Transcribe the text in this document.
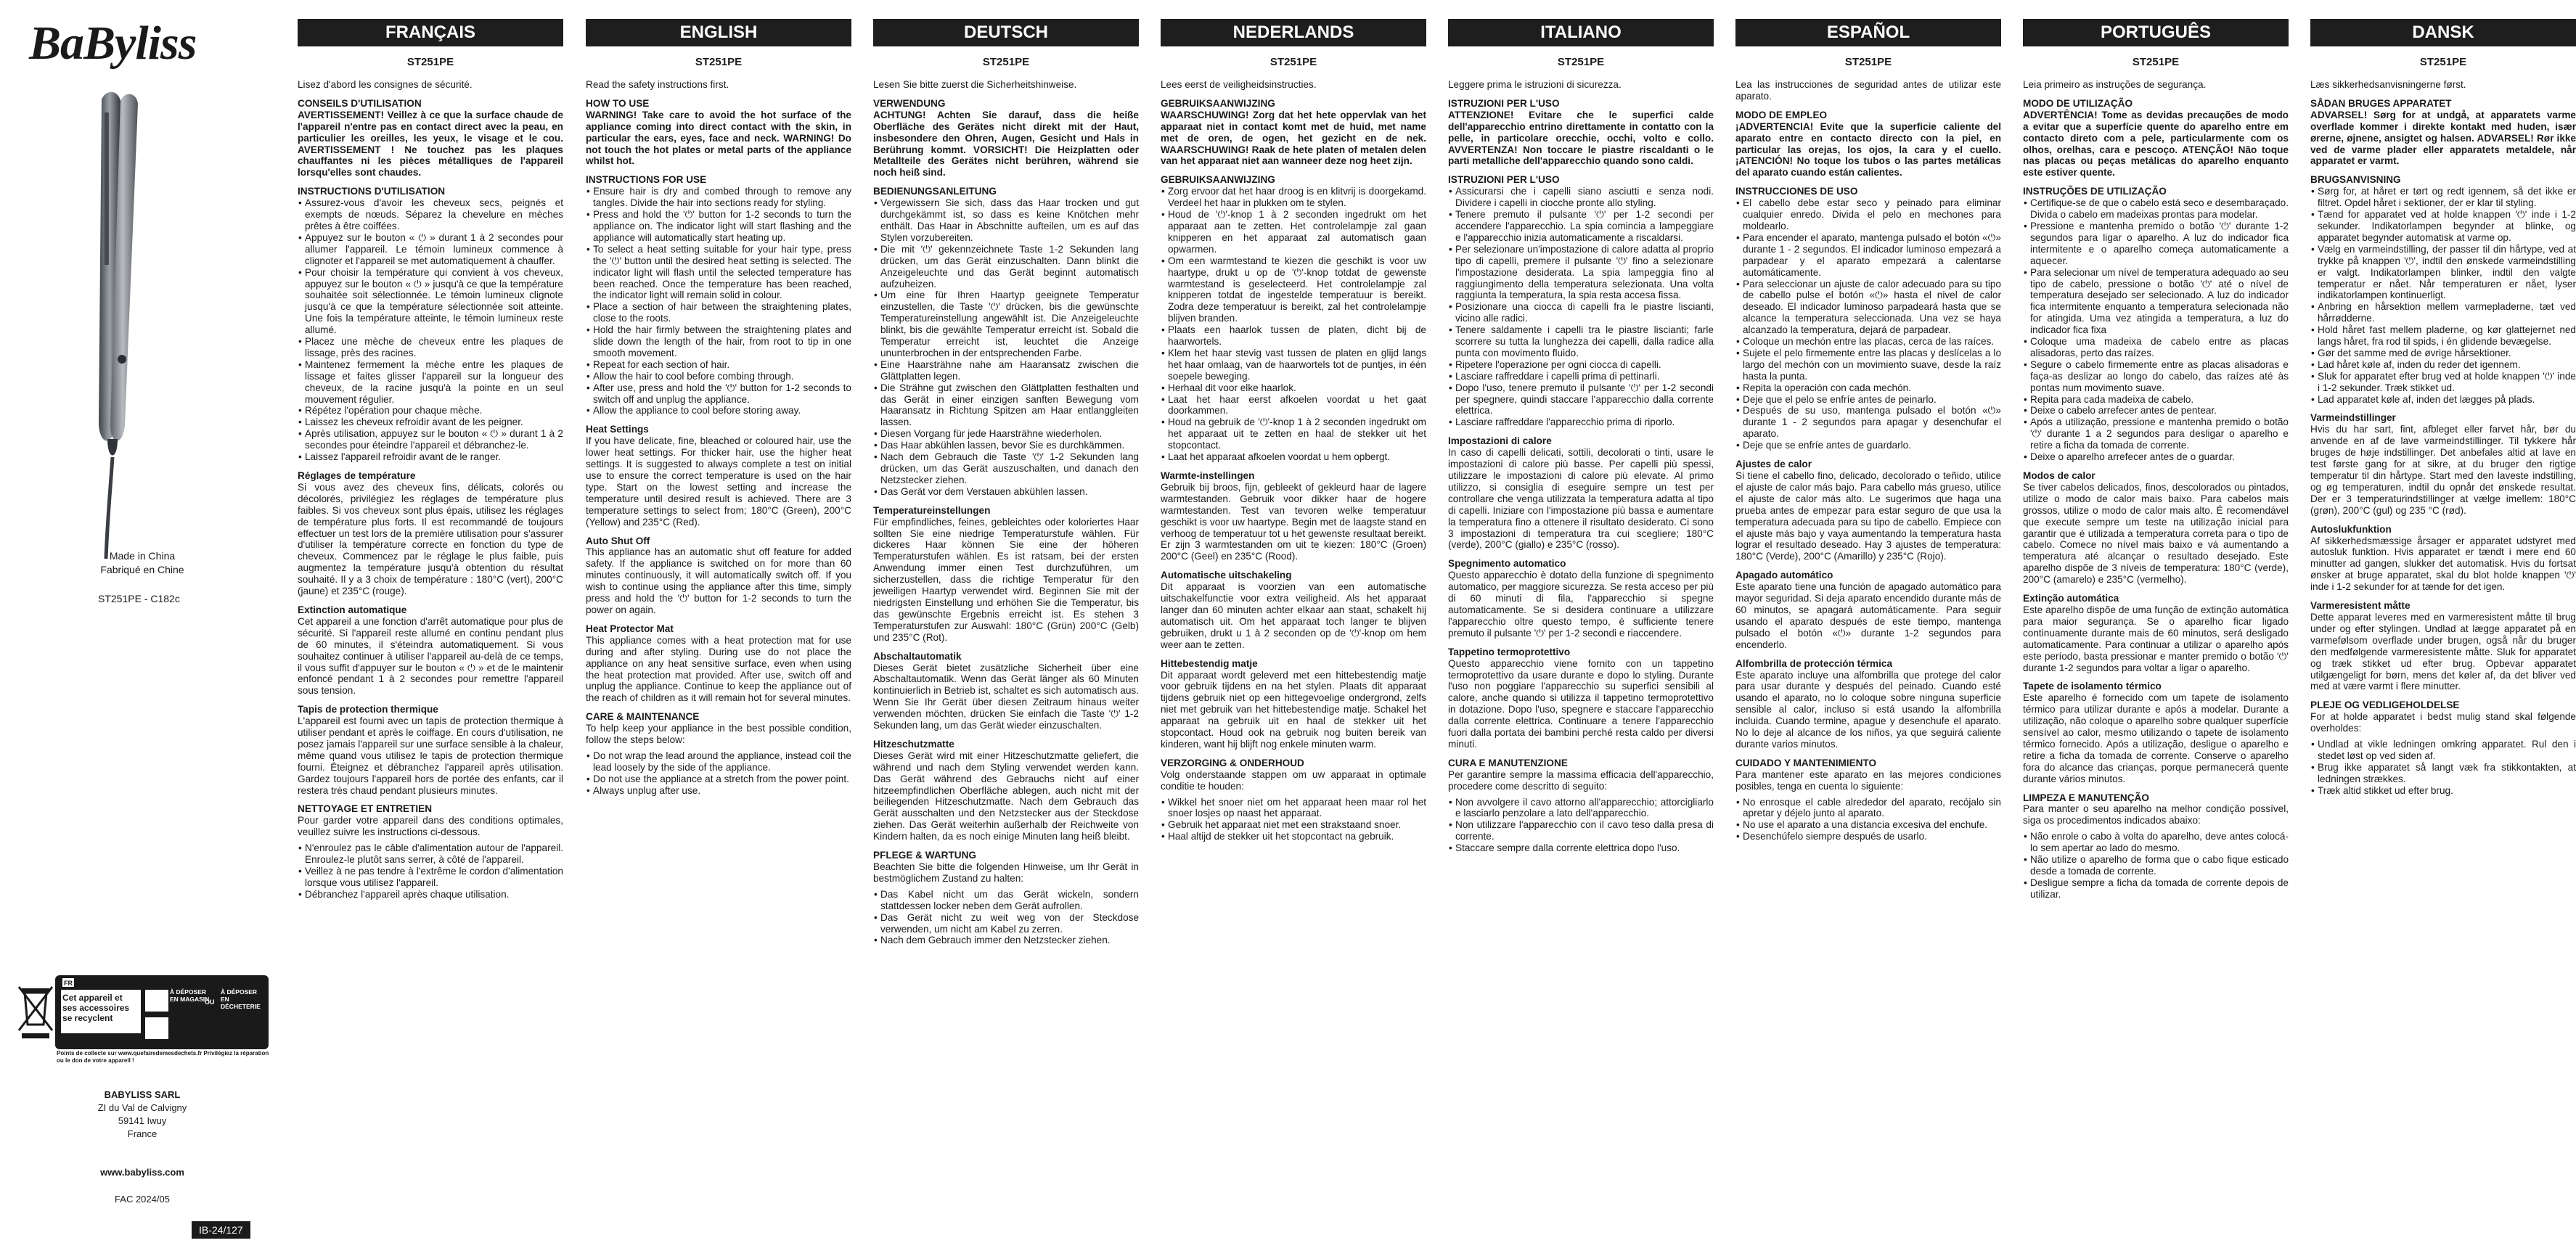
BaByliss
Made in China
Fabriqué en Chine
ST251PE - C182c
FR
Cet appareil et ses accessoires se recyclent
À DÉPOSER EN MAGASIN
OU
À DÉPOSER EN DÉCHETERIE
Points de collecte sur www.quefairedemesdechets.fr Privilégiez la réparation ou le don de votre appareil !
BABYLISS SARL
ZI du Val de Calvigny
59141 Iwuy
France
www.babyliss.com
FAC 2024/05
IB-24/127
FRANÇAIS
ST251PE

Lisez d'abord les consignes de sécurité.

CONSEILS D'UTILISATION

AVERTISSEMENT! Veillez à ce que la surface chaude de l'appareil n'entre pas en contact direct avec la peau, en particulier les oreilles, les yeux, le visage et le cou. AVERTISSEMENT ! Ne touchez pas les plaques chauffantes ni les pièces métalliques de l'appareil lorsqu'elles sont chaudes.

INSTRUCTIONS D'UTILISATION
• Assurez-vous d'avoir les cheveux secs, peignés et exempts de nœuds. Séparez la chevelure en mèches prêtes à être coiffées.
• Appuyez sur le bouton « ⏻ » durant 1 à 2 secondes pour allumer l'appareil. Le témoin lumineux commence à clignoter et l'appareil se met automatiquement à chauffer.
• Pour choisir la température qui convient à vos cheveux, appuyez sur le bouton « ⏻ » jusqu'à ce que la température souhaitée soit sélectionnée. Le témoin lumineux clignote jusqu'à ce que la température sélectionnée soit atteinte. Une fois la température atteinte, le témoin lumineux reste allumé.
• Placez une mèche de cheveux entre les plaques de lissage, près des racines.
• Maintenez fermement la mèche entre les plaques de lissage et faites glisser l'appareil sur la longueur des cheveux, de la racine jusqu'à la pointe en un seul mouvement régulier.
• Répétez l'opération pour chaque mèche.
• Laissez les cheveux refroidir avant de les peigner.
• Après utilisation, appuyez sur le bouton « ⏻ » durant 1 à 2 secondes pour éteindre l'appareil et débranchez-le.
• Laissez l'appareil refroidir avant de le ranger.
Réglages de température

Si vous avez des cheveux fins, délicats, colorés ou décolorés, privilégiez les réglages de température plus faibles. Si vos cheveux sont plus épais, utilisez les réglages de température plus forts. Il est recommandé de toujours effectuer un test lors de la première utilisation pour s'assurer d'utiliser la température correcte en fonction du type de cheveux. Commencez par le réglage le plus faible, puis augmentez la température jusqu'à obtention du résultat souhaité. Il y a 3 choix de température : 180°C (vert), 200°C (jaune) et 235°C (rouge).

Extinction automatique

Cet appareil a une fonction d'arrêt automatique pour plus de sécurité. Si l'appareil reste allumé en continu pendant plus de 60 minutes, il s'éteindra automatiquement. Si vous souhaitez continuer à utiliser l'appareil au-delà de ce temps, il vous suffit d'appuyer sur le bouton « ⏻ » et de le maintenir enfoncé pendant 1 à 2 secondes pour remettre l'appareil sous tension.

Tapis de protection thermique

L'appareil est fourni avec un tapis de protection thermique à utiliser pendant et après le coiffage. En cours d'utilisation, ne posez jamais l'appareil sur une surface sensible à la chaleur, même quand vous utilisez le tapis de protection thermique fourni. Éteignez et débranchez l'appareil après utilisation. Gardez toujours l'appareil hors de portée des enfants, car il restera très chaud pendant plusieurs minutes.

NETTOYAGE ET ENTRETIEN

Pour garder votre appareil dans des conditions optimales, veuillez suivre les instructions ci-dessous.

• N'enroulez pas le câble d'alimentation autour de l'appareil. Enroulez-le plutôt sans serrer, à côté de l'appareil.
• Veillez à ne pas tendre à l'extrême le cordon d'alimentation lorsque vous utilisez l'appareil.
• Débranchez l'appareil après chaque utilisation.
ENGLISH
ST251PE

Read the safety instructions first.

HOW TO USE

WARNING! Take care to avoid the hot surface of the appliance coming into direct contact with the skin, in particular the ears, eyes, face and neck. WARNING! Do not touch the hot plates or metal parts of the appliance whilst hot.

INSTRUCTIONS FOR USE
• Ensure hair is dry and combed through to remove any tangles. Divide the hair into sections ready for styling.
• Press and hold the '⏻' button for 1-2 seconds to turn the appliance on. The indicator light will start flashing and the appliance will automatically start heating up.
• To select a heat setting suitable for your hair type, press the '⏻' button until the desired heat setting is selected. The indicator light will flash until the selected temperature has been reached. Once the temperature has been reached, the indicator light will remain solid in colour.
• Place a section of hair between the straightening plates, close to the roots.
• Hold the hair firmly between the straightening plates and slide down the length of the hair, from root to tip in one smooth movement.
• Repeat for each section of hair.
• Allow the hair to cool before combing through.
• After use, press and hold the '⏻' button for 1-2 seconds to switch off and unplug the appliance.
• Allow the appliance to cool before storing away.
Heat Settings

If you have delicate, fine, bleached or coloured hair, use the lower heat settings. For thicker hair, use the higher heat settings. It is suggested to always complete a test on initial use to ensure the correct temperature is used on the hair type. Start on the lowest setting and increase the temperature until desired result is achieved. There are 3 temperature settings to select from; 180°C (Green), 200°C (Yellow) and 235°C (Red).

Auto Shut Off

This appliance has an automatic shut off feature for added safety. If the appliance is switched on for more than 60 minutes continuously, it will automatically switch off. If you wish to continue using the appliance after this time, simply press and hold the '⏻' button for 1-2 seconds to turn the power on again.

Heat Protector Mat

This appliance comes with a heat protection mat for use during and after styling. During use do not place the appliance on any heat sensitive surface, even when using the heat protection mat provided. After use, switch off and unplug the appliance. Continue to keep the appliance out of the reach of children as it will remain hot for several minutes.

CARE & MAINTENANCE

To help keep your appliance in the best possible condition, follow the steps below:

• Do not wrap the lead around the appliance, instead coil the lead loosely by the side of the appliance.
• Do not use the appliance at a stretch from the power point.
• Always unplug after use.
DEUTSCH
ST251PE

Lesen Sie bitte zuerst die Sicherheitshinweise.

VERWENDUNG

ACHTUNG! Achten Sie darauf, dass die heiße Oberfläche des Gerätes nicht direkt mit der Haut, insbesondere den Ohren, Augen, Gesicht und Hals in Berührung kommt. VORSICHT! Die Heizplatten oder Metallteile des Gerätes nicht berühren, während sie noch heiß sind.

BEDIENUNGSANLEITUNG
• Vergewissern Sie sich, dass das Haar trocken und gut durchgekämmt ist, so dass es keine Knötchen mehr enthält. Das Haar in Abschnitte aufteilen, um es auf das Stylen vorzubereiten.
• Die mit '⏻' gekennzeichnete Taste 1-2 Sekunden lang drücken, um das Gerät einzuschalten. Dann blinkt die Anzeigeleuchte und das Gerät beginnt automatisch aufzuheizen.
• Um eine für Ihren Haartyp geeignete Temperatur einzustellen, die Taste '⏻' drücken, bis die gewünschte Temperatureinstellung angewählt ist. Die Anzeigeleuchte blinkt, bis die gewählte Temperatur erreicht ist. Sobald die Temperatur erreicht ist, leuchtet die Anzeige ununterbrochen in der entsprechenden Farbe.
• Eine Haarsträhne nahe am Haaransatz zwischen die Glättplatten legen.
• Die Strähne gut zwischen den Glättplatten festhalten und das Gerät in einer einzigen sanften Bewegung vom Haaransatz in Richtung Spitzen am Haar entlanggleiten lassen.
• Diesen Vorgang für jede Haarsträhne wiederholen.
• Das Haar abkühlen lassen, bevor Sie es durchkämmen.
• Nach dem Gebrauch die Taste '⏻' 1-2 Sekunden lang drücken, um das Gerät auszuschalten, und danach den Netzstecker ziehen.
• Das Gerät vor dem Verstauen abkühlen lassen.
Temperatureinstellungen

Für empfindliches, feines, gebleichtes oder koloriertes Haar sollten Sie eine niedrige Temperaturstufe wählen. Für dickeres Haar können Sie eine der höheren Temperaturstufen wählen. Es ist ratsam, bei der ersten Anwendung immer einen Test durchzuführen, um sicherzustellen, dass die richtige Temperatur für den jeweiligen Haartyp verwendet wird. Beginnen Sie mit der niedrigsten Einstellung und erhöhen Sie die Temperatur, bis das gewünschte Ergebnis erreicht ist. Es stehen 3 Temperaturstufen zur Auswahl: 180°C (Grün) 200°C (Gelb) und 235°C (Rot).

Abschaltautomatik

Dieses Gerät bietet zusätzliche Sicherheit über eine Abschaltautomatik. Wenn das Gerät länger als 60 Minuten kontinuierlich in Betrieb ist, schaltet es sich automatisch aus. Wenn Sie Ihr Gerät über diesen Zeitraum hinaus weiter verwenden möchten, drücken Sie einfach die Taste '⏻' 1-2 Sekunden lang, um das Gerät wieder einzuschalten.

Hitzeschutzmatte

Dieses Gerät wird mit einer Hitzeschutzmatte geliefert, die während und nach dem Styling verwendet werden kann. Das Gerät während des Gebrauchs nicht auf einer hitzeempfindlichen Oberfläche ablegen, auch nicht mit der beiliegenden Hitzeschutzmatte. Nach dem Gebrauch das Gerät ausschalten und den Netzstecker aus der Steckdose ziehen. Das Gerät weiterhin außerhalb der Reichweite von Kindern halten, da es noch einige Minuten lang heiß bleibt.

PFLEGE & WARTUNG

Beachten Sie bitte die folgenden Hinweise, um Ihr Gerät in bestmöglichem Zustand zu halten:

• Das Kabel nicht um das Gerät wickeln, sondern stattdessen locker neben dem Gerät aufrollen.
• Das Gerät nicht zu weit weg von der Steckdose verwenden, um nicht am Kabel zu zerren.
• Nach dem Gebrauch immer den Netzstecker ziehen.
NEDERLANDS
ST251PE

Lees eerst de veiligheidsinstructies.

GEBRUIKSAANWIJZING

WAARSCHUWING! Zorg dat het hete oppervlak van het apparaat niet in contact komt met de huid, met name met de oren, de ogen, het gezicht en de nek. WAARSCHUWING! Raak de hete platen of metalen delen van het apparaat niet aan wanneer deze nog heet zijn.

GEBRUIKSAANWIJZING
• Zorg ervoor dat het haar droog is en klitvrij is doorgekamd. Verdeel het haar in plukken om te stylen.
• Houd de '⏻'-knop 1 à 2 seconden ingedrukt om het apparaat aan te zetten. Het controlelampje zal gaan knipperen en het apparaat zal automatisch gaan opwarmen.
• Om een warmtestand te kiezen die geschikt is voor uw haartype, drukt u op de '⏻'-knop totdat de gewenste warmtestand is geselecteerd. Het controlelampje zal knipperen totdat de ingestelde temperatuur is bereikt. Zodra deze temperatuur is bereikt, zal het controlelampje blijven branden.
• Plaats een haarlok tussen de platen, dicht bij de haarwortels.
• Klem het haar stevig vast tussen de platen en glijd langs het haar omlaag, van de haarwortels tot de puntjes, in één soepele beweging.
• Herhaal dit voor elke haarlok.
• Laat het haar eerst afkoelen voordat u het gaat doorkammen.
• Houd na gebruik de '⏻'-knop 1 à 2 seconden ingedrukt om het apparaat uit te zetten en haal de stekker uit het stopcontact.
• Laat het apparaat afkoelen voordat u hem opbergt.
Warmte-instellingen

Gebruik bij broos, fijn, gebleekt of gekleurd haar de lagere warmtestanden. Gebruik voor dikker haar de hogere warmtestanden. Test van tevoren welke temperatuur geschikt is voor uw haartype. Begin met de laagste stand en verhoog de temperatuur tot u het gewenste resultaat bereikt. Er zijn 3 warmtestanden om uit te kiezen: 180°C (Groen) 200°C (Geel) en 235°C (Rood).

Automatische uitschakeling

Dit apparaat is voorzien van een automatische uitschakelfunctie voor extra veiligheid. Als het apparaat langer dan 60 minuten achter elkaar aan staat, schakelt hij automatisch uit. Om het apparaat toch langer te blijven gebruiken, drukt u 1 à 2 seconden op de '⏻'-knop om hem weer aan te zetten.

Hittebestendig matje

Dit apparaat wordt geleverd met een hittebestendig matje voor gebruik tijdens en na het stylen. Plaats dit apparaat tijdens gebruik niet op een hittegevoelige ondergrond, zelfs niet met gebruik van het hittebestendige matje. Schakel het apparaat na gebruik uit en haal de stekker uit het stopcontact. Houd ook na gebruik nog buiten bereik van kinderen, want hij blijft nog enkele minuten warm.

VERZORGING & ONDERHOUD

Volg onderstaande stappen om uw apparaat in optimale conditie te houden:

• Wikkel het snoer niet om het apparaat heen maar rol het snoer losjes op naast het apparaat.
• Gebruik het apparaat niet met een strakstaand snoer.
• Haal altijd de stekker uit het stopcontact na gebruik.
ITALIANO
ST251PE

Leggere prima le istruzioni di sicurezza.

ISTRUZIONI PER L'USO

ATTENZIONE! Evitare che le superfici calde dell'apparecchio entrino direttamente in contatto con la pelle, in particolare orecchie, occhi, volto e collo. AVVERTENZA! Non toccare le piastre riscaldanti o le parti metalliche dell'apparecchio quando sono caldi.

ISTRUZIONI PER L'USO
• Assicurarsi che i capelli siano asciutti e senza nodi. Dividere i capelli in ciocche pronte allo styling.
• Tenere premuto il pulsante '⏻' per 1-2 secondi per accendere l'apparecchio. La spia comincia a lampeggiare e l'apparecchio inizia automaticamente a riscaldarsi.
• Per selezionare un'impostazione di calore adatta al proprio tipo di capelli, premere il pulsante '⏻' fino a selezionare l'impostazione desiderata. La spia lampeggia fino al raggiungimento della temperatura selezionata. Una volta raggiunta la temperatura, la spia resta accesa fissa.
• Posizionare una ciocca di capelli fra le piastre liscianti, vicino alle radici.
• Tenere saldamente i capelli tra le piastre liscianti; farle scorrere su tutta la lunghezza dei capelli, dalla radice alla punta con movimento fluido.
• Ripetere l'operazione per ogni ciocca di capelli.
• Lasciare raffreddare i capelli prima di pettinarli.
• Dopo l'uso, tenere premuto il pulsante '⏻' per 1-2 secondi per spegnere, quindi staccare l'apparecchio dalla corrente elettrica.
• Lasciare raffreddare l'apparecchio prima di riporlo.
Impostazioni di calore

In caso di capelli delicati, sottili, decolorati o tinti, usare le impostazioni di calore più basse. Per capelli più spessi, utilizzare le impostazioni di calore più elevate. Al primo utilizzo, si consiglia di eseguire sempre un test per controllare che venga utilizzata la temperatura adatta al tipo di capelli. Iniziare con l'impostazione più bassa e aumentare la temperatura fino a ottenere il risultato desiderato. Ci sono 3 impostazioni di temperatura tra cui scegliere; 180°C (verde), 200°C (giallo) e 235°C (rosso).

Spegnimento automatico

Questo apparecchio è dotato della funzione di spegnimento automatico, per maggiore sicurezza. Se resta acceso per più di 60 minuti di fila, l'apparecchio si spegne automaticamente. Se si desidera continuare a utilizzare l'apparecchio oltre questo tempo, è sufficiente tenere premuto il pulsante '⏻' per 1-2 secondi e riaccendere.

Tappetino termoprotettivo

Questo apparecchio viene fornito con un tappetino termoprotettivo da usare durante e dopo lo styling. Durante l'uso non poggiare l'apparecchio su superfici sensibili al calore, anche quando si utilizza il tappetino termoprotettivo in dotazione. Dopo l'uso, spegnere e staccare l'apparecchio dalla corrente elettrica. Continuare a tenere l'apparecchio fuori dalla portata dei bambini perché resta caldo per diversi minuti.

CURA E MANUTENZIONE

Per garantire sempre la massima efficacia dell'apparecchio, procedere come descritto di seguito:

• Non avvolgere il cavo attorno all'apparecchio; attorcigliarlo e lasciarlo penzolare a lato dell'apparecchio.
• Non utilizzare l'apparecchio con il cavo teso dalla presa di corrente.
• Staccare sempre dalla corrente elettrica dopo l'uso.
ESPAÑOL
ST251PE

Lea las instrucciones de seguridad antes de utilizar este aparato.

MODO DE EMPLEO

¡ADVERTENCIA! Evite que la superficie caliente del aparato entre en contacto directo con la piel, en particular las orejas, los ojos, la cara y el cuello. ¡ATENCIÓN! No toque los tubos o las partes metálicas del aparato cuando están calientes.

INSTRUCCIONES DE USO
• El cabello debe estar seco y peinado para eliminar cualquier enredo. Divida el pelo en mechones para moldearlo.
• Para encender el aparato, mantenga pulsado el botón «⏻» durante 1 - 2 segundos. El indicador luminoso empezará a parpadear y el aparato empezará a calentarse automáticamente.
• Para seleccionar un ajuste de calor adecuado para su tipo de cabello pulse el botón «⏻» hasta el nivel de calor deseado. El indicador luminoso parpadeará hasta que se alcance la temperatura seleccionada. Una vez se haya alcanzado la temperatura, dejará de parpadear.
• Coloque un mechón entre las placas, cerca de las raíces.
• Sujete el pelo firmemente entre las placas y deslícelas a lo largo del mechón con un movimiento suave, desde la raíz hasta la punta.
• Repita la operación con cada mechón.
• Deje que el pelo se enfríe antes de peinarlo.
• Después de su uso, mantenga pulsado el botón «⏻» durante 1 - 2 segundos para apagar y desenchufar el aparato.
• Deje que se enfríe antes de guardarlo.
Ajustes de calor

Si tiene el cabello fino, delicado, decolorado o teñido, utilice el ajuste de calor más bajo. Para cabello más grueso, utilice el ajuste de calor más alto. Le sugerimos que haga una prueba antes de empezar para estar seguro de que usa la temperatura adecuada para su tipo de cabello. Empiece con el ajuste más bajo y vaya aumentando la temperatura hasta lograr el resultado deseado. Hay 3 ajustes de temperatura: 180°C (Verde), 200°C (Amarillo) y 235°C (Rojo).

Apagado automático

Este aparato tiene una función de apagado automático para mayor seguridad. Si deja aparato encendido durante más de 60 minutos, se apagará automáticamente. Para seguir usando el aparato después de este tiempo, mantenga pulsado el botón «⏻» durante 1-2 segundos para encenderlo.

Alfombrilla de protección térmica

Este aparato incluye una alfombrilla que protege del calor para usar durante y después del peinado. Cuando esté usando el aparato, no lo coloque sobre ninguna superficie sensible al calor, incluso si está usando la alfombrilla incluida. Cuando termine, apague y desenchufe el aparato. No lo deje al alcance de los niños, ya que seguirá caliente durante varios minutos.

CUIDADO Y MANTENIMIENTO

Para mantener este aparato en las mejores condiciones posibles, tenga en cuenta lo siguiente:

• No enrosque el cable alrededor del aparato, recójalo sin apretar y déjelo junto al aparato.
• No use el aparato a una distancia excesiva del enchufe.
• Desenchúfelo siempre después de usarlo.
PORTUGUÊS
ST251PE

Leia primeiro as instruções de segurança.

MODO DE UTILIZAÇÃO

ADVERTÊNCIA! Tome as devidas precauções de modo a evitar que a superfície quente do aparelho entre em contacto direto com a pele, particularmente com os olhos, orelhas, cara e pescoço. ATENÇÃO! Não toque nas placas ou peças metálicas do aparelho enquanto este estiver quente.

INSTRUÇÕES DE UTILIZAÇÃO
• Certifique-se de que o cabelo está seco e desembaraçado. Divida o cabelo em madeixas prontas para modelar.
• Pressione e mantenha premido o botão '⏻' durante 1-2 segundos para ligar o aparelho. A luz do indicador fica intermitente e o aparelho começa automaticamente a aquecer.
• Para selecionar um nível de temperatura adequado ao seu tipo de cabelo, pressione o botão '⏻' até o nível de temperatura desejado ser selecionado. A luz do indicador fica intermitente enquanto a temperatura selecionada não for atingida. Uma vez atingida a temperatura, a luz do indicador fica fixa
• Coloque uma madeixa de cabelo entre as placas alisadoras, perto das raízes.
• Segure o cabelo firmemente entre as placas alisadoras e faça-as deslizar ao longo do cabelo, das raízes até às pontas num movimento suave.
• Repita para cada madeixa de cabelo.
• Deixe o cabelo arrefecer antes de pentear.
• Após a utilização, pressione e mantenha premido o botão '⏻' durante 1 a 2 segundos para desligar o aparelho e retire a ficha da tomada de corrente.
• Deixe o aparelho arrefecer antes de o guardar.
Modos de calor

Se tiver cabelos delicados, finos, descolorados ou pintados, utilize o modo de calor mais baixo. Para cabelos mais grossos, utilize o modo de calor mais alto. É recomendável que execute sempre um teste na utilização inicial para garantir que é utilizada a temperatura correta para o tipo de cabelo. Comece no nível mais baixo e vá aumentando a temperatura até alcançar o resultado desejado. Este aparelho dispõe de 3 níveis de temperatura: 180°C (verde), 200°C (amarelo) e 235°C (vermelho).

Extinção automática

Este aparelho dispõe de uma função de extinção automática para maior segurança. Se o aparelho ficar ligado continuamente durante mais de 60 minutos, será desligado automaticamente. Para continuar a utilizar o aparelho após este período, basta pressionar e manter premido o botão '⏻' durante 1-2 segundos para voltar a ligar o aparelho.

Tapete de isolamento térmico

Este aparelho é fornecido com um tapete de isolamento térmico para utilizar durante e após a modelar. Durante a utilização, não coloque o aparelho sobre qualquer superfície sensível ao calor, mesmo utilizando o tapete de isolamento térmico fornecido. Após a utilização, desligue o aparelho e retire a ficha da tomada de corrente. Conserve o aparelho fora do alcance das crianças, porque permanecerá quente durante vários minutos.

LIMPEZA E MANUTENÇÃO

Para manter o seu aparelho na melhor condição possível, siga os procedimentos indicados abaixo:

• Não enrole o cabo à volta do aparelho, deve antes colocá-lo sem apertar ao lado do mesmo.
• Não utilize o aparelho de forma que o cabo fique esticado desde a tomada de corrente.
• Desligue sempre a ficha da tomada de corrente depois de utilizar.
DANSK
ST251PE

Læs sikkerhedsanvisningerne først.

SÅDAN BRUGES APPARATET

ADVARSEL! Sørg for at undgå, at apparatets varme overflade kommer i direkte kontakt med huden, især ørerne, øjnene, ansigtet og halsen. ADVARSEL! Rør ikke ved de varme plader eller apparatets metaldele, når apparatet er varmt.

BRUGSANVISNING
• Sørg for, at håret er tørt og redt igennem, så det ikke er filtret. Opdel håret i sektioner, der er klar til styling.
• Tænd for apparatet ved at holde knappen '⏻' inde i 1-2 sekunder. Indikatorlampen begynder at blinke, og apparatet begynder automatisk at varme op.
• Vælg en varmeindstilling, der passer til din hårtype, ved at trykke på knappen '⏻', indtil den ønskede varmeindstilling er valgt. Indikatorlampen blinker, indtil den valgte temperatur er nået. Når temperaturen er nået, lyser indikatorlampen kontinuerligt.
• Anbring en hårsektion mellem varmepladerne, tæt ved hårrødderne.
• Hold håret fast mellem pladerne, og kør glattejernet ned langs håret, fra rod til spids, i én glidende bevægelse.
• Gør det samme med de øvrige hårsektioner.
• Lad håret køle af, inden du reder det igennem.
• Sluk for apparatet efter brug ved at holde knappen '⏻' inde i 1-2 sekunder. Træk stikket ud.
• Lad apparatet køle af, inden det lægges på plads.
Varmeindstillinger

Hvis du har sart, fint, afbleget eller farvet hår, bør du anvende en af de lave varmeindstillinger. Til tykkere hår bruges de høje indstillinger. Det anbefales altid at lave en test første gang for at sikre, at du bruger den rigtige temperatur til din hårtype. Start med den laveste indstilling, og øg temperaturen, indtil du opnår det ønskede resultat. Der er 3 temperaturindstillinger at vælge imellem: 180°C (grøn), 200°C (gul) og 235 °C (rød).

Autoslukfunktion

Af sikkerhedsmæssige årsager er apparatet udstyret med autosluk funktion. Hvis apparatet er tændt i mere end 60 minutter ad gangen, slukker det automatisk. Hvis du fortsat ønsker at bruge apparatet, skal du blot holde knappen '⏻' inde i 1-2 sekunder for at tænde for det igen.

Varmeresistent måtte

Dette apparat leveres med en varmeresistent måtte til brug under og efter stylingen. Undlad at lægge apparatet på en varmefølsom overflade under brugen, også når du bruger den medfølgende varmeresistente måtte. Sluk for apparatet og træk stikket ud efter brug. Opbevar apparatet utilgængeligt for børn, mens det køler af, da det bliver ved med at være varmt i flere minutter.

PLEJE OG VEDLIGEHOLDELSE

For at holde apparatet i bedst mulig stand skal følgende overholdes:

• Undlad at vikle ledningen omkring apparatet. Rul den i stedet løst op ved siden af.
• Brug ikke apparatet så langt væk fra stikkontakten, at ledningen strækkes.
• Træk altid stikket ud efter brug.
